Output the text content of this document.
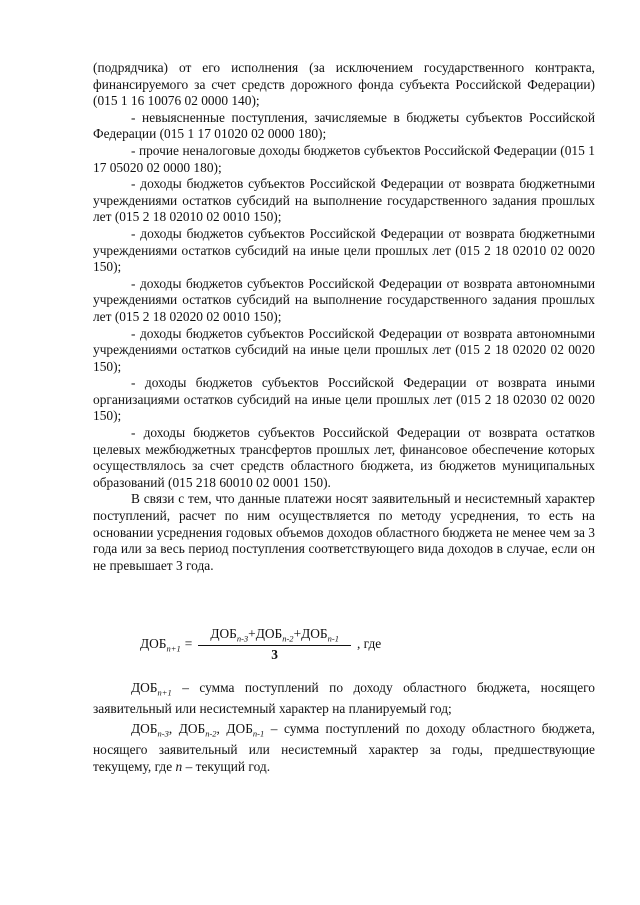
(подрядчика) от его исполнения (за исключением государственного контракта, финансируемого за счет средств дорожного фонда субъекта Российской Федерации) (015 1 16 10076 02 0000 140);

- невыясненные поступления, зачисляемые в бюджеты субъектов Российской Федерации (015 1 17 01020 02 0000 180);

- прочие неналоговые доходы бюджетов субъектов Российской Федерации (015 1 17 05020 02 0000 180);

- доходы бюджетов субъектов Российской Федерации от возврата бюджетными учреждениями остатков субсидий на выполнение государственного задания прошлых лет (015 2 18 02010 02 0010 150);

- доходы бюджетов субъектов Российской Федерации от возврата бюджетными учреждениями остатков субсидий на иные цели прошлых лет (015 2 18 02010 02 0020 150);

- доходы бюджетов субъектов Российской Федерации от возврата автономными учреждениями остатков субсидий на выполнение государственного задания прошлых лет (015 2 18 02020 02 0010 150);

- доходы бюджетов субъектов Российской Федерации от возврата автономными учреждениями остатков субсидий на иные цели прошлых лет (015 2 18 02020 02 0020 150);

- доходы бюджетов субъектов Российской Федерации от возврата иными организациями остатков субсидий на иные цели прошлых лет (015 2 18 02030 02 0020 150);

- доходы бюджетов субъектов Российской Федерации от возврата остатков целевых межбюджетных трансфертов прошлых лет, финансовое обеспечение которых осуществлялось за счет средств областного бюджета, из бюджетов муниципальных образований (015 218 60010 02 0001 150).

В связи с тем, что данные платежи носят заявительный и несистемный характер поступлений, расчет по ним осуществляется по методу усреднения, то есть на основании усреднения годовых объемов доходов областного бюджета не менее чем за 3 года или за весь период поступления соответствующего вида доходов в случае, если он не превышает 3 года.

$ДОБ_{n+1} = \frac{ДОБ_{n-3}+ДОБ_{n-2}+ДОБ_{n-1}}{3}$ , где

$ДОБ_{n+1}$ – сумма поступлений по доходу областного бюджета, носящего заявительный или несистемный характер на планируемый год;

$ДОБ_{n-3}$, $ДОБ_{n-2}$, $ДОБ_{n-1}$ – сумма поступлений по доходу областного бюджета, носящего заявительный или несистемный характер за годы, предшествующие текущему, где n – текущий год.
